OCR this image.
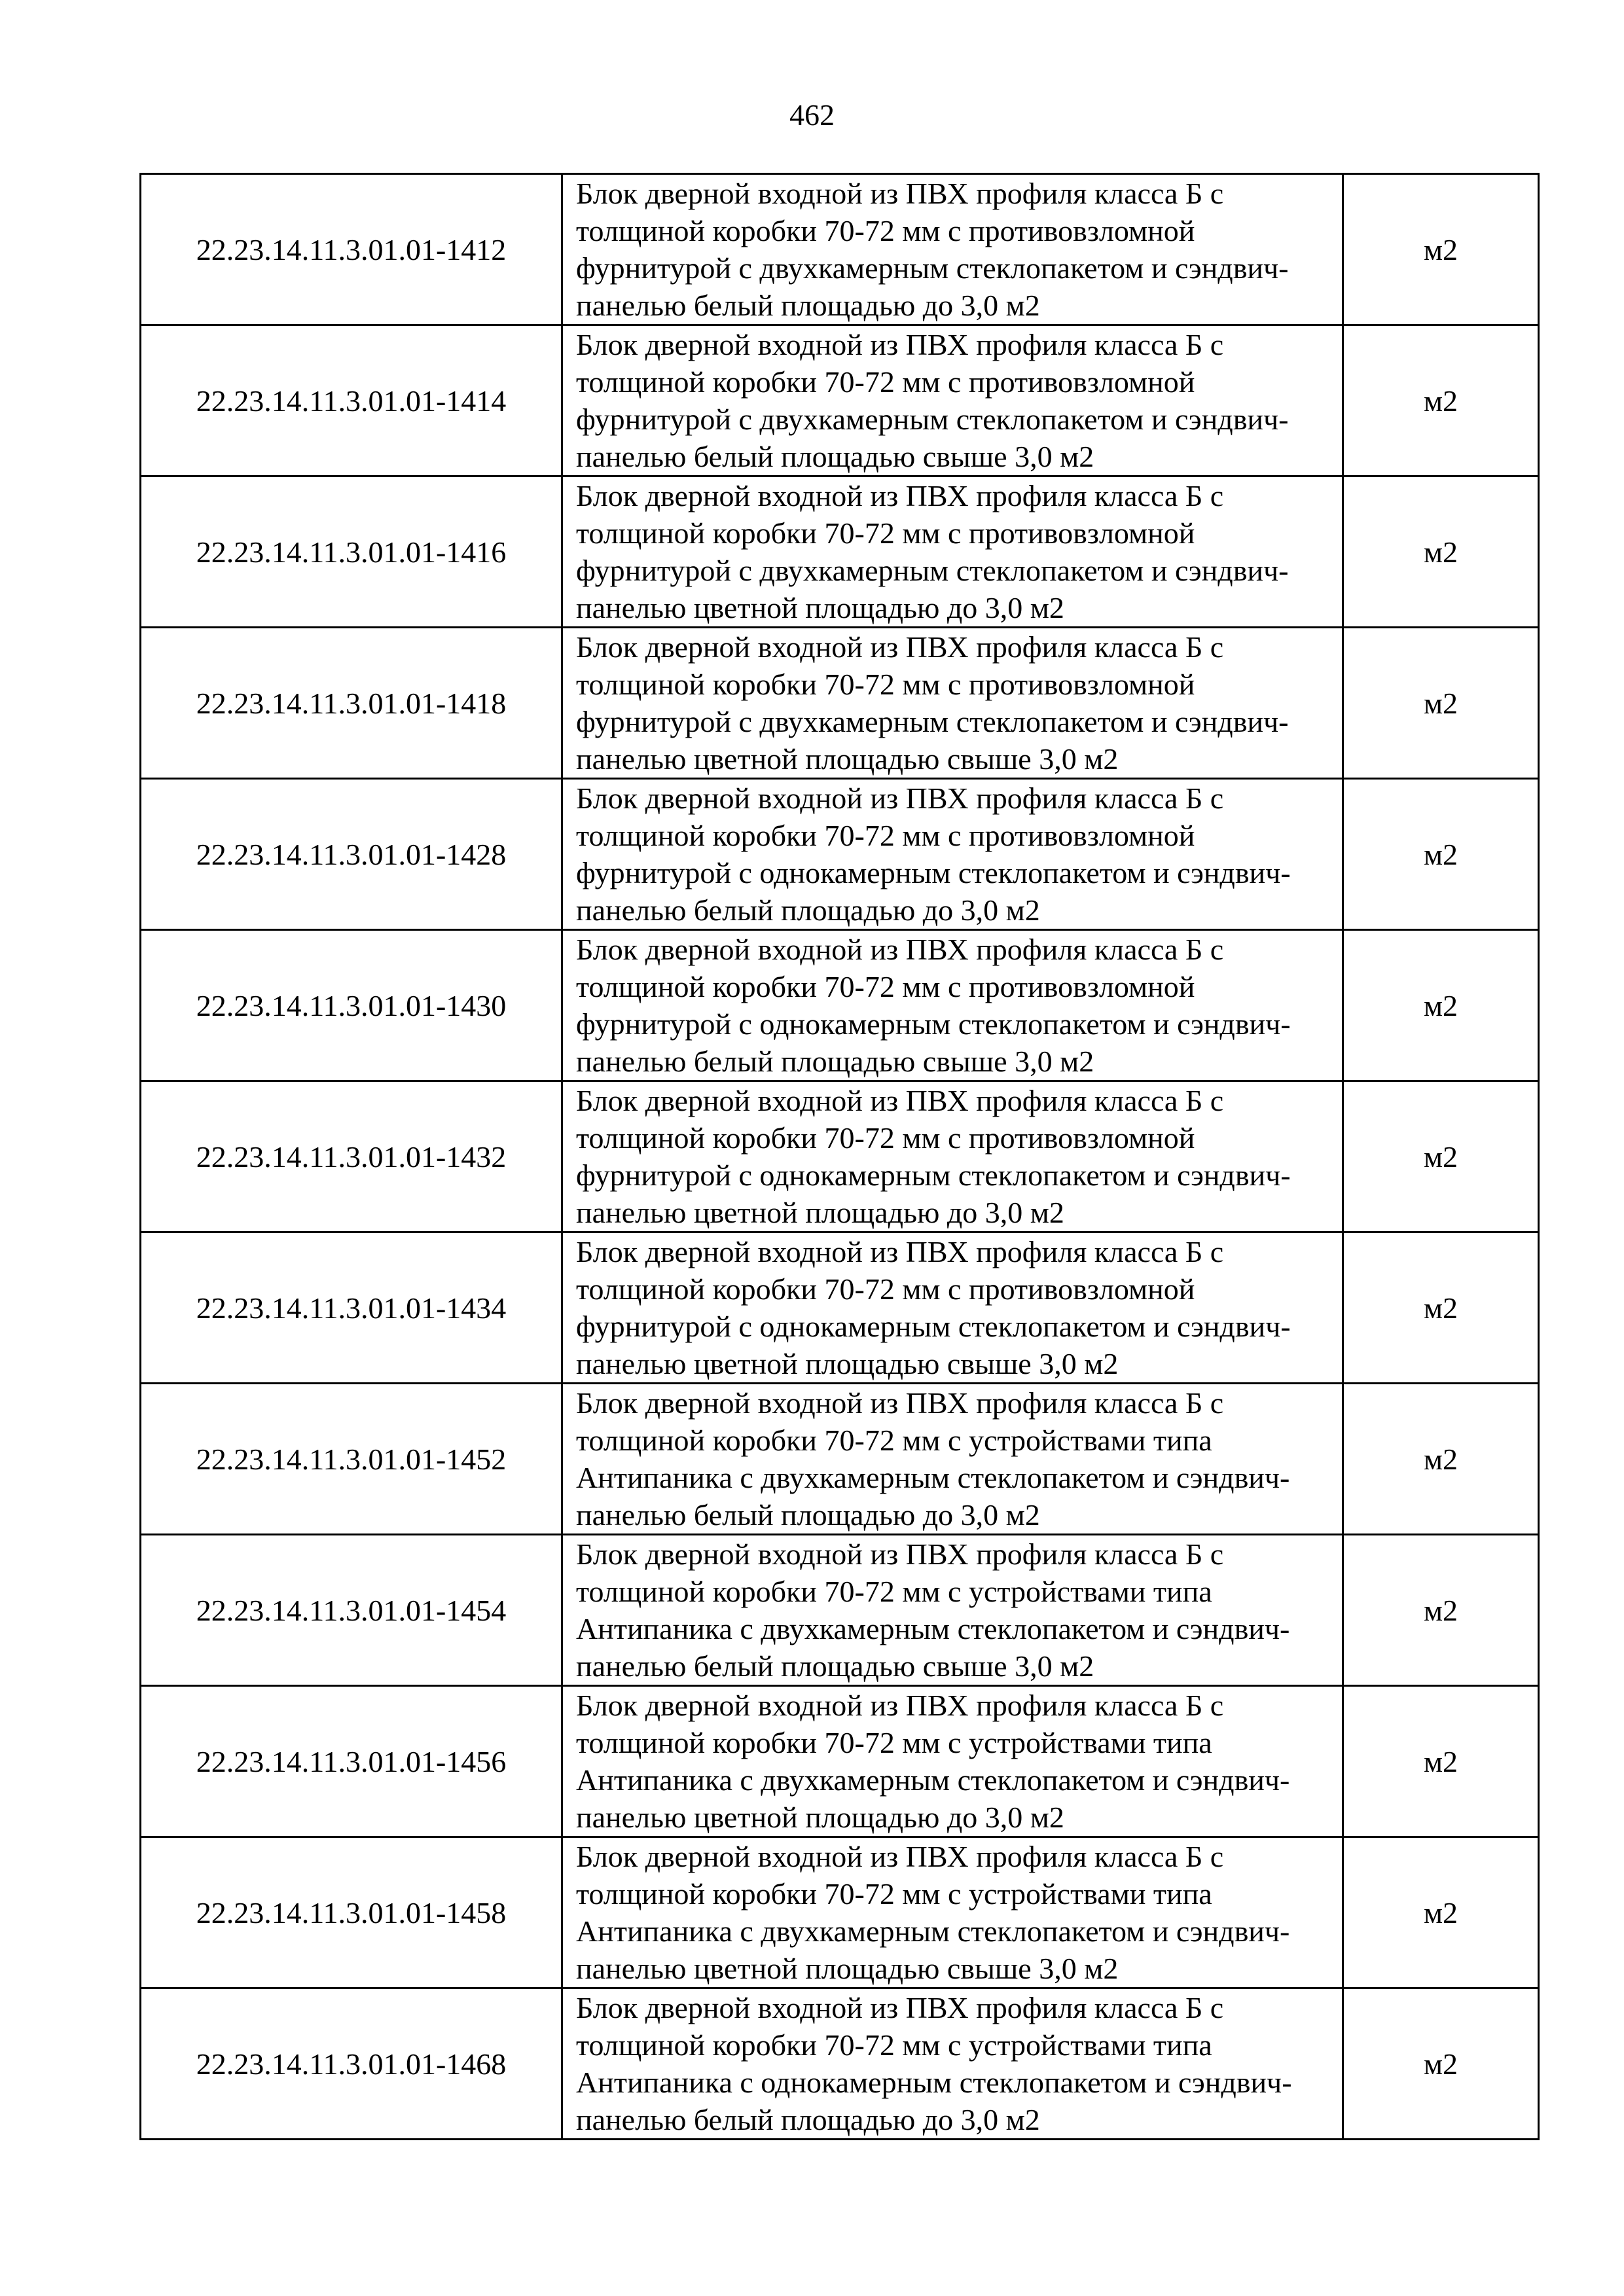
462
22.23.14.11.3.01.01-1412	Блок дверной входной из ПВХ профиля класса Б с толщиной коробки 70-72 мм с противовзломной фурнитурой с двухкамерным стеклопакетом и сэндвич-панелью белый площадью до 3,0 м2	м2
22.23.14.11.3.01.01-1414	Блок дверной входной из ПВХ профиля класса Б с толщиной коробки 70-72 мм с противовзломной фурнитурой с двухкамерным стеклопакетом и сэндвич-панелью белый площадью свыше 3,0 м2	м2
22.23.14.11.3.01.01-1416	Блок дверной входной из ПВХ профиля класса Б с толщиной коробки 70-72 мм с противовзломной фурнитурой с двухкамерным стеклопакетом и сэндвич-панелью цветной площадью до 3,0 м2	м2
22.23.14.11.3.01.01-1418	Блок дверной входной из ПВХ профиля класса Б с толщиной коробки 70-72 мм с противовзломной фурнитурой с двухкамерным стеклопакетом и сэндвич-панелью цветной площадью свыше 3,0 м2	м2
22.23.14.11.3.01.01-1428	Блок дверной входной из ПВХ профиля класса Б с толщиной коробки 70-72 мм с противовзломной фурнитурой с однокамерным стеклопакетом и сэндвич-панелью белый площадью до 3,0 м2	м2
22.23.14.11.3.01.01-1430	Блок дверной входной из ПВХ профиля класса Б с толщиной коробки 70-72 мм с противовзломной фурнитурой с однокамерным стеклопакетом и сэндвич-панелью белый площадью свыше 3,0 м2	м2
22.23.14.11.3.01.01-1432	Блок дверной входной из ПВХ профиля класса Б с толщиной коробки 70-72 мм с противовзломной фурнитурой с однокамерным стеклопакетом и сэндвич-панелью цветной площадью до 3,0 м2	м2
22.23.14.11.3.01.01-1434	Блок дверной входной из ПВХ профиля класса Б с толщиной коробки 70-72 мм с противовзломной фурнитурой с однокамерным стеклопакетом и сэндвич-панелью цветной площадью свыше 3,0 м2	м2
22.23.14.11.3.01.01-1452	Блок дверной входной из ПВХ профиля класса Б с толщиной коробки 70-72 мм с устройствами типа Антипаника с двухкамерным стеклопакетом и сэндвич-панелью белый площадью до 3,0 м2	м2
22.23.14.11.3.01.01-1454	Блок дверной входной из ПВХ профиля класса Б с толщиной коробки 70-72 мм с устройствами типа Антипаника с двухкамерным стеклопакетом и сэндвич-панелью белый площадью свыше 3,0 м2	м2
22.23.14.11.3.01.01-1456	Блок дверной входной из ПВХ профиля класса Б с толщиной коробки 70-72 мм с устройствами типа Антипаника с двухкамерным стеклопакетом и сэндвич-панелью цветной площадью до 3,0 м2	м2
22.23.14.11.3.01.01-1458	Блок дверной входной из ПВХ профиля класса Б с толщиной коробки 70-72 мм с устройствами типа Антипаника с двухкамерным стеклопакетом и сэндвич-панелью цветной площадью свыше 3,0 м2	м2
22.23.14.11.3.01.01-1468	Блок дверной входной из ПВХ профиля класса Б с толщиной коробки 70-72 мм с устройствами типа Антипаника с однокамерным стеклопакетом и сэндвич-панелью белый площадью до 3,0 м2	м2
